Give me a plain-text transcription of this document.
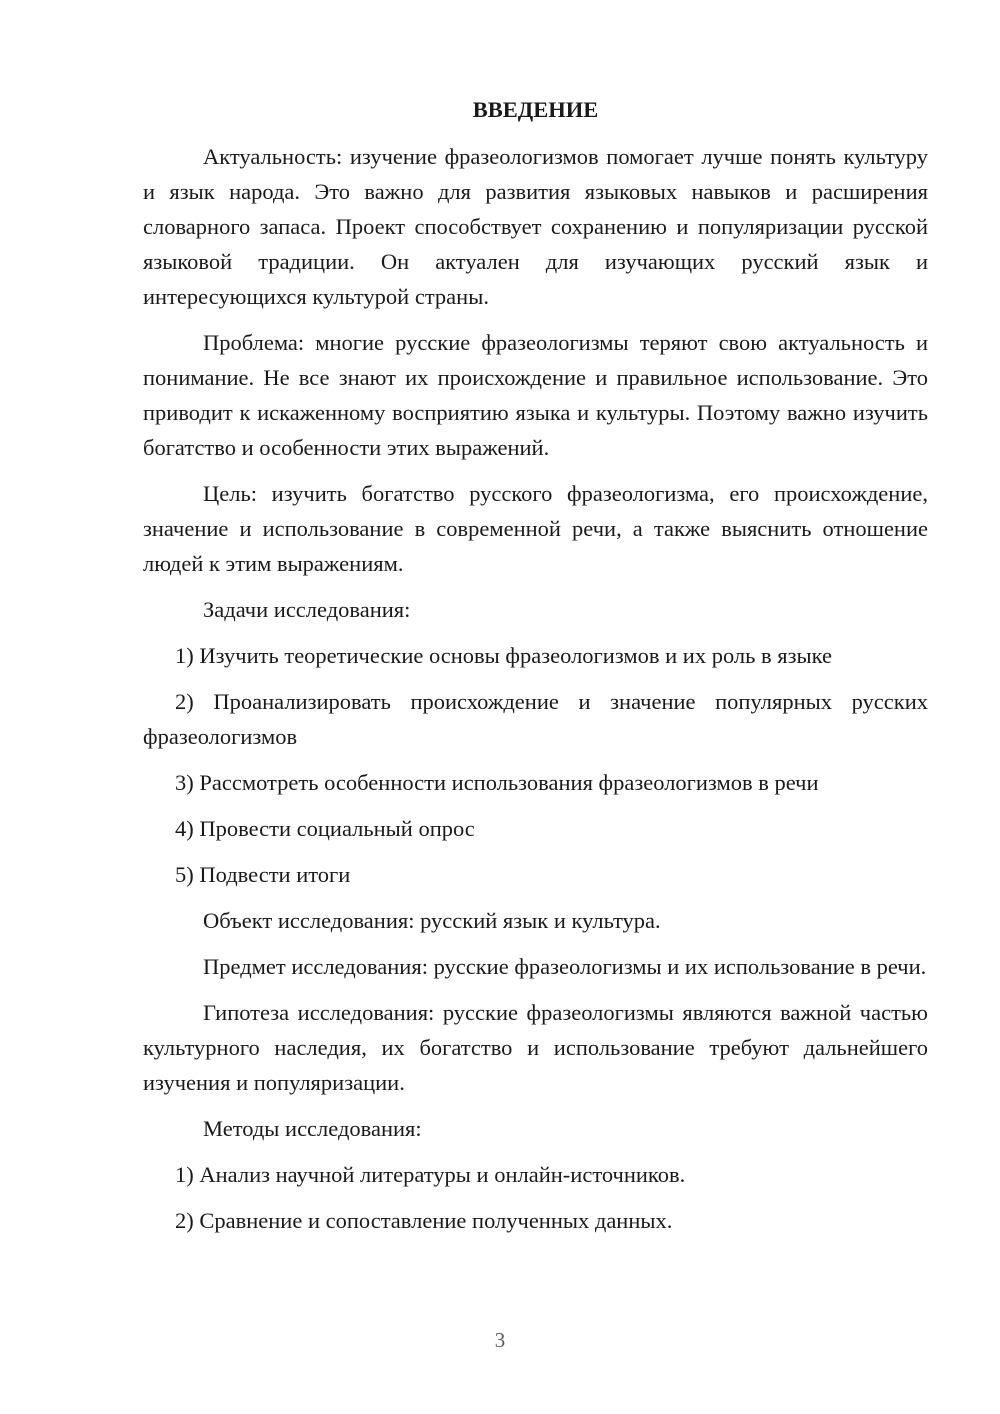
ВВЕДЕНИЕ

Актуальность: изучение фразеологизмов помогает лучше понять культуру и язык народа. Это важно для развития языковых навыков и расширения словарного запаса. Проект способствует сохранению и популяризации русской языковой традиции. Он актуален для изучающих русский язык и интересующихся культурой страны.

Проблема: многие русские фразеологизмы теряют свою актуальность и понимание. Не все знают их происхождение и правильное использование. Это приводит к искаженному восприятию языка и культуры. Поэтому важно изучить богатство и особенности этих выражений.

Цель: изучить богатство русского фразеологизма, его происхождение, значение и использование в современной речи, а также выяснить отношение людей к этим выражениям.

Задачи исследования:

1) Изучить теоретические основы фразеологизмов и их роль в языке

2) Проанализировать происхождение и значение популярных русских фразеологизмов

3) Рассмотреть особенности использования фразеологизмов в речи

4) Провести социальный опрос

5) Подвести итоги

Объект исследования: русский язык и культура.

Предмет исследования: русские фразеологизмы и их использование в речи.

Гипотеза исследования: русские фразеологизмы являются важной частью культурного наследия, их богатство и использование требуют дальнейшего изучения и популяризации.

Методы исследования:

1) Анализ научной литературы и онлайн-источников.

2) Сравнение и сопоставление полученных данных.

3
